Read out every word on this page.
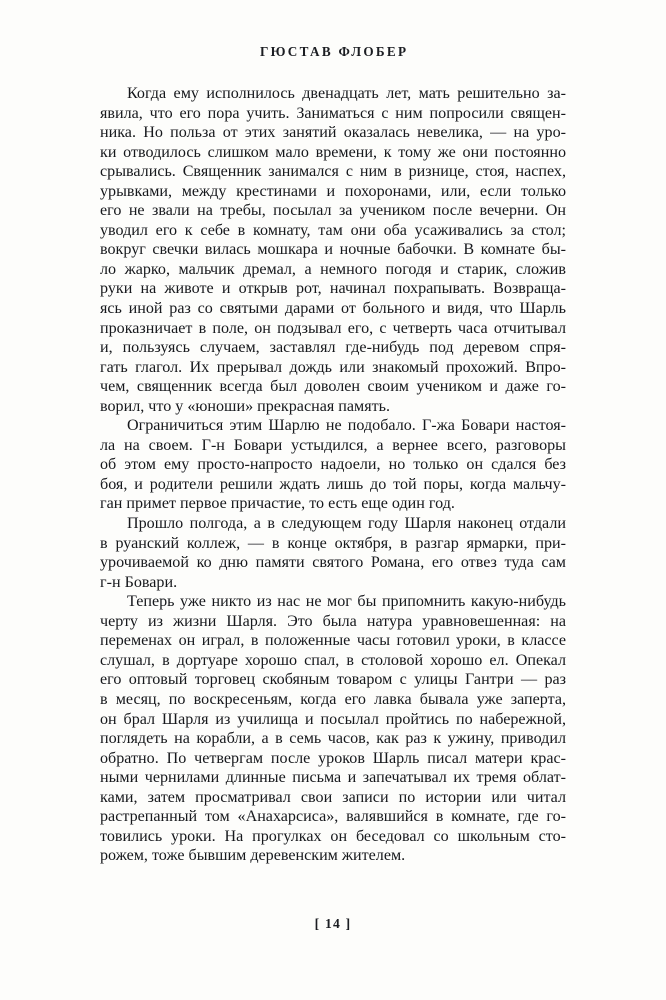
ГЮСТАВ ФЛОБЕР

Когда ему исполнилось двенадцать лет, мать решительно за-
явила, что его пора учить. Заниматься с ним попросили священ-
ника. Но польза от этих занятий оказалась невелика, — на уро-
ки отводилось слишком мало времени, к тому же они постоянно
срывались. Священник занимался с ним в ризнице, стоя, наспех,
урывками, между крестинами и похоронами, или, если только
его не звали на требы, посылал за учеником после вечерни. Он
уводил его к себе в комнату, там они оба усаживались за стол;
вокруг свечки вилась мошкара и ночные бабочки. В комнате бы-
ло жарко, мальчик дремал, а немного погодя и старик, сложив
руки на животе и открыв рот, начинал похрапывать. Возвраща-
ясь иной раз со святыми дарами от больного и видя, что Шарль
проказничает в поле, он подзывал его, с четверть часа отчитывал
и, пользуясь случаем, заставлял где-нибудь под деревом спря-
гать глагол. Их прерывал дождь или знакомый прохожий. Впро-
чем, священник всегда был доволен своим учеником и даже го-
ворил, что у «юноши» прекрасная память.

Ограничиться этим Шарлю не подобало. Г-жа Бовари настоя-
ла на своем. Г-н Бовари устыдился, а вернее всего, разговоры
об этом ему просто-напросто надоели, но только он сдался без
боя, и родители решили ждать лишь до той поры, когда мальчу-
ган примет первое причастие, то есть еще один год.

Прошло полгода, а в следующем году Шарля наконец отдали
в руанский коллеж, — в конце октября, в разгар ярмарки, при-
урочиваемой ко дню памяти святого Романа, его отвез туда сам
г-н Бовари.

Теперь уже никто из нас не мог бы припомнить какую-нибудь
черту из жизни Шарля. Это была натура уравновешенная: на
переменах он играл, в положенные часы готовил уроки, в классе
слушал, в дортуаре хорошо спал, в столовой хорошо ел. Опекал
его оптовый торговец скобяным товаром с улицы Гантри — раз
в месяц, по воскресеньям, когда его лавка бывала уже заперта,
он брал Шарля из училища и посылал пройтись по набережной,
поглядеть на корабли, а в семь часов, как раз к ужину, приводил
обратно. По четвергам после уроков Шарль писал матери крас-
ными чернилами длинные письма и запечатывал их тремя облат-
ками, затем просматривал свои записи по истории или читал
растрепанный том «Анахарсиса», валявшийся в комнате, где го-
товились уроки. На прогулках он беседовал со школьным сто-
рожем, тоже бывшим деревенским жителем.

[ 14 ]
